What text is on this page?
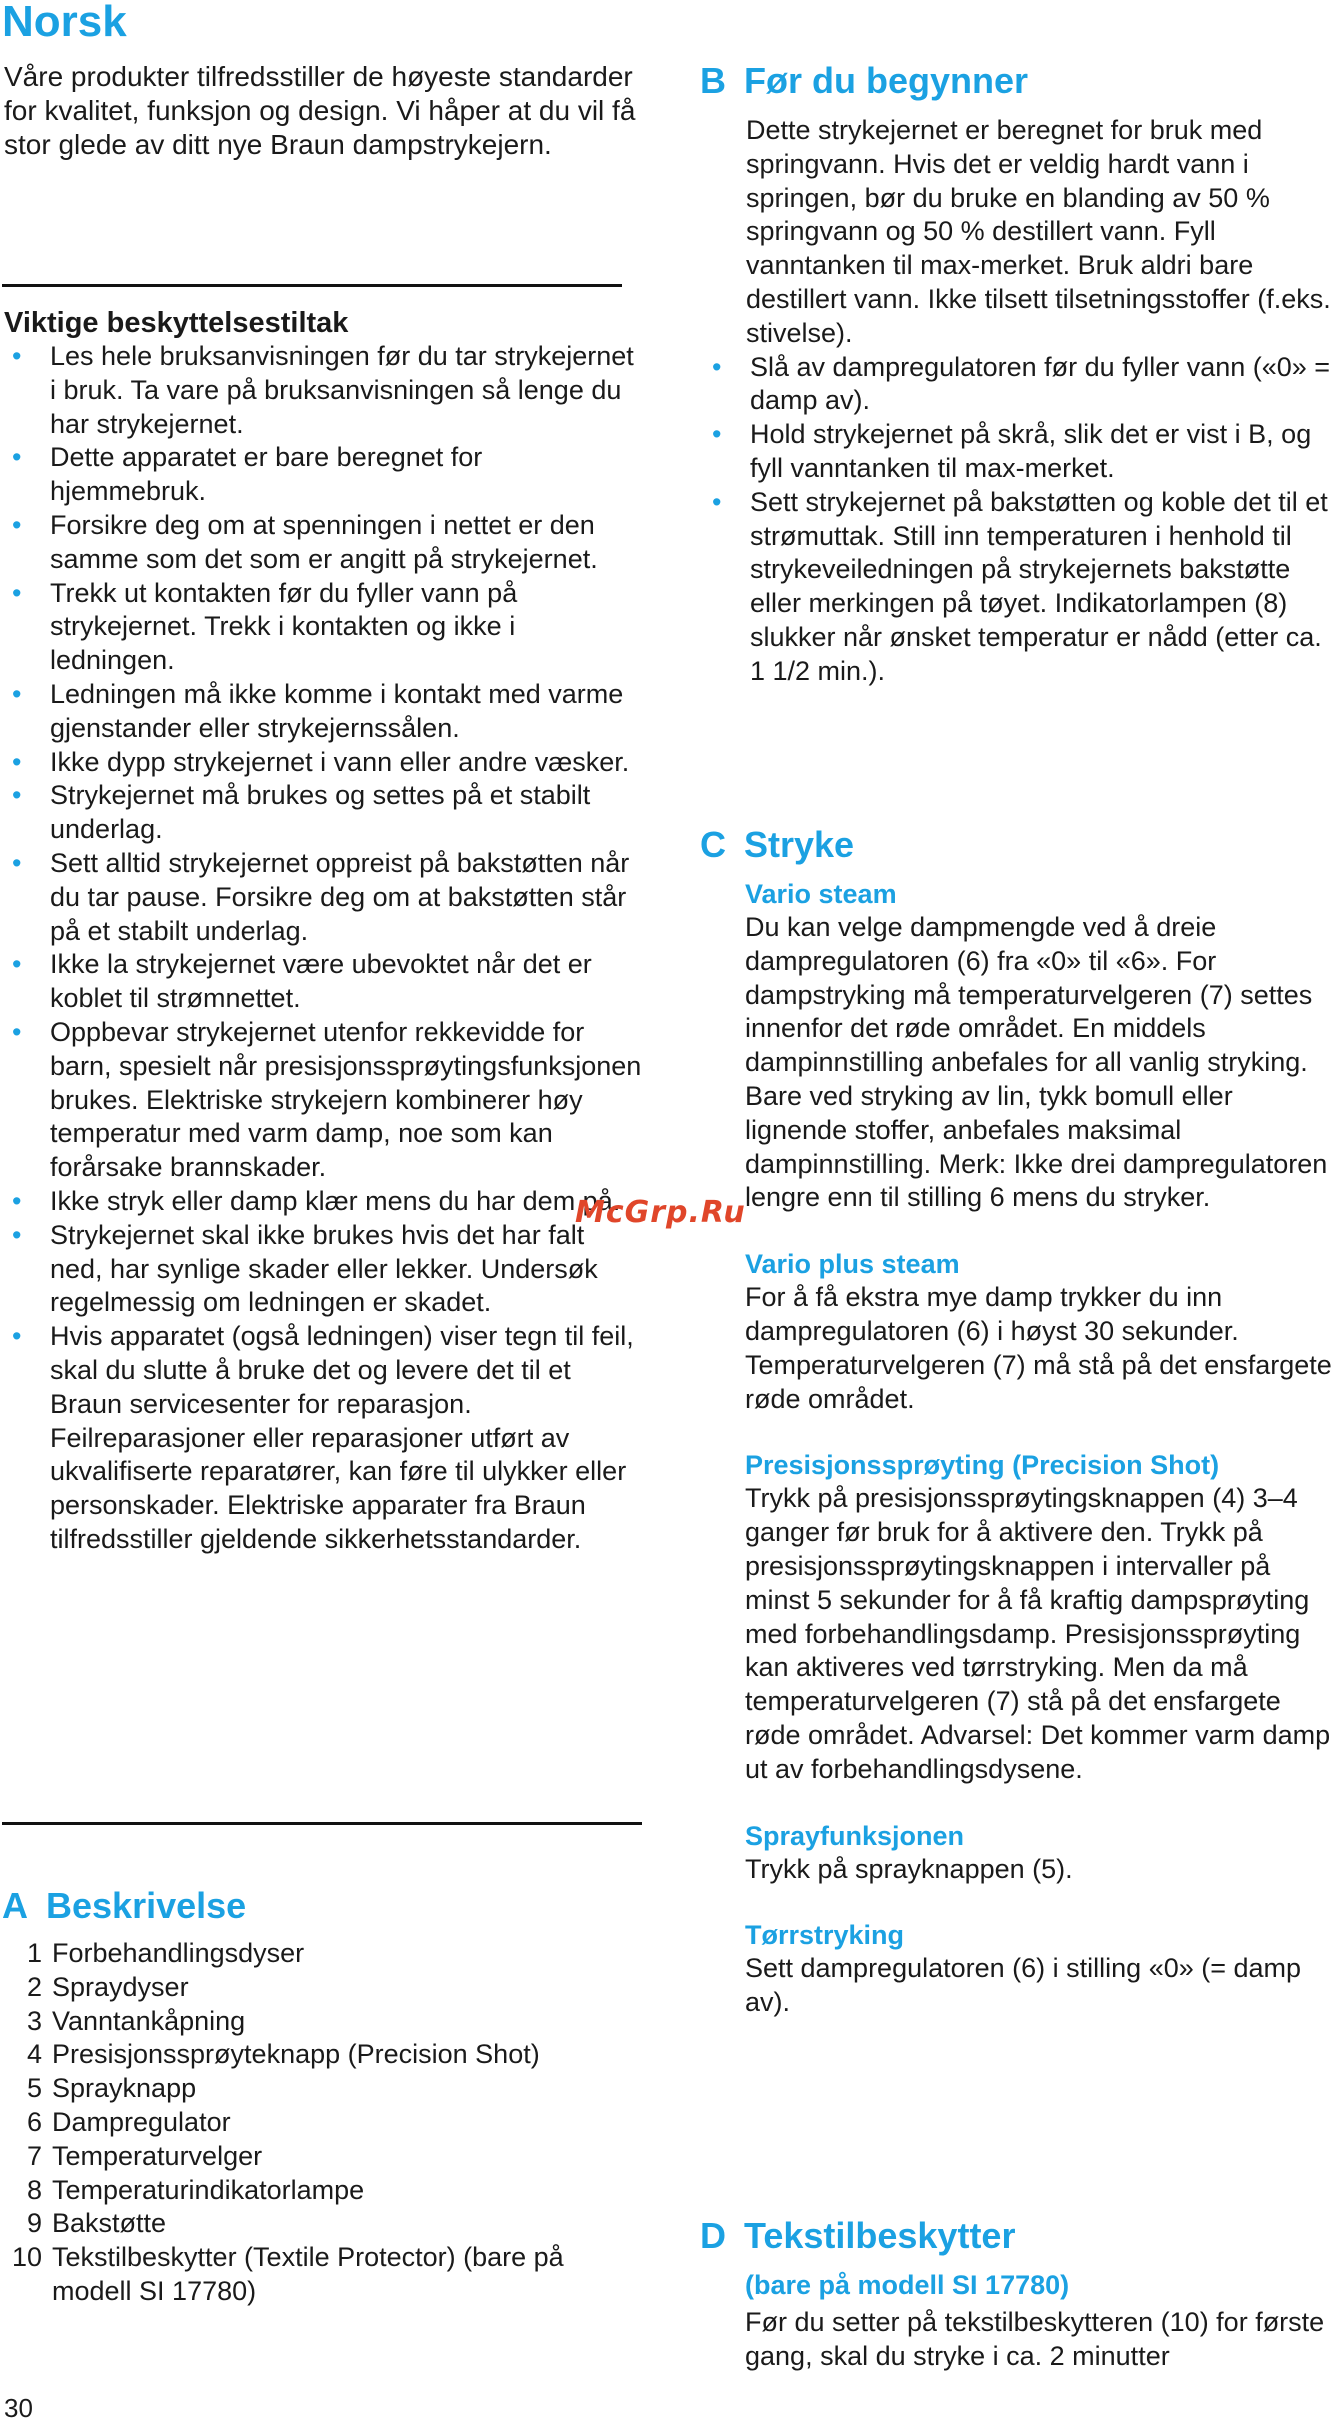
Norsk

Våre produkter tilfredsstiller de høyeste standarder for kvalitet, funksjon og design. Vi håper at du vil få stor glede av ditt nye Braun dampstrykejern.

Viktige beskyttelsestiltak

• Les hele bruksanvisningen før du tar strykejernet i bruk. Ta vare på bruksanvisningen så lenge du har strykejernet.
• Dette apparatet er bare beregnet for hjemmebruk.
• Forsikre deg om at spenningen i nettet er den samme som det som er angitt på strykejernet.
• Trekk ut kontakten før du fyller vann på strykejernet. Trekk i kontakten og ikke i ledningen.
• Ledningen må ikke komme i kontakt med varme gjenstander eller strykejernssålen.
• Ikke dypp strykejernet i vann eller andre væsker.
• Strykejernet må brukes og settes på et stabilt underlag.
• Sett alltid strykejernet oppreist på bakstøtten når du tar pause. Forsikre deg om at bakstøtten står på et stabilt underlag.
• Ikke la strykejernet være ubevoktet når det er koblet til strømnettet.
• Oppbevar strykejernet utenfor rekkevidde for barn, spesielt når presisjonssprøytingsfunksjonen brukes. Elektriske strykejern kombinerer høy temperatur med varm damp, noe som kan forårsake brannskader.
• Ikke stryk eller damp klær mens du har dem på.
• Strykejernet skal ikke brukes hvis det har falt ned, har synlige skader eller lekker. Undersøk regelmessig om ledningen er skadet.
• Hvis apparatet (også ledningen) viser tegn til feil, skal du slutte å bruke det og levere det til et Braun servicesenter for reparasjon. Feilreparasjoner eller reparasjoner utført av ukvalifiserte reparatører, kan føre til ulykker eller personskader. Elektriske apparater fra Braun tilfredsstiller gjeldende sikkerhetsstandarder.
A Beskrivelse
1 Forbehandlingsdyser
2 Spraydyser
3 Vanntankåpning
4 Presisjonssprøyteknapp (Precision Shot)
5 Sprayknapp
6 Dampregulator
7 Temperaturvelger
8 Temperaturindikatorlampe
9 Bakstøtte
10 Tekstilbeskytter (Textile Protector) (bare på modell SI 17780)
30
B Før du begynner

Dette strykejernet er beregnet for bruk med springvann. Hvis det er veldig hardt vann i springen, bør du bruke en blanding av 50 % springvann og 50 % destillert vann. Fyll vanntanken til max-merket. Bruk aldri bare destillert vann. Ikke tilsett tilsetningsstoffer (f.eks. stivelse).

• Slå av dampregulatoren før du fyller vann («0» = damp av).
• Hold strykejernet på skrå, slik det er vist i B, og fyll vanntanken til max-merket.
• Sett strykejernet på bakstøtten og koble det til et strømuttak. Still inn temperaturen i henhold til strykeveiledningen på strykejernets bakstøtte eller merkingen på tøyet. Indikatorlampen (8) slukker når ønsket temperatur er nådd (etter ca. 1 1/2 min.).
C Stryke

Vario steam

Du kan velge dampmengde ved å dreie dampregulatoren (6) fra «0» til «6». For dampstryking må temperaturvelgeren (7) settes innenfor det røde området. En middels dampinnstilling anbefales for all vanlig stryking. Bare ved stryking av lin, tykk bomull eller lignende stoffer, anbefales maksimal dampinnstilling. Merk: Ikke drei dampregulatoren lengre enn til stilling 6 mens du stryker.

Vario plus steam

For å få ekstra mye damp trykker du inn dampregulatoren (6) i høyst 30 sekunder. Temperaturvelgeren (7) må stå på det ensfargete røde området.

Presisjonssprøyting (Precision Shot)

Trykk på presisjonssprøytingsknappen (4) 3–4 ganger før bruk for å aktivere den. Trykk på presisjonssprøytingsknappen i intervaller på minst 5 sekunder for å få kraftig dampsprøyting med forbehandlingsdamp. Presisjonssprøyting kan aktiveres ved tørrstryking. Men da må temperaturvelgeren (7) stå på det ensfargete røde området. Advarsel: Det kommer varm damp ut av forbehandlingsdysene.

Sprayfunksjonen

Trykk på sprayknappen (5).

Tørrstryking

Sett dampregulatoren (6) i stilling «0» (= damp av).

D Tekstilbeskytter

(bare på modell SI 17780)

Før du setter på tekstilbeskytteren (10) for første gang, skal du stryke i ca. 2 minutter

McGrp.Ru
